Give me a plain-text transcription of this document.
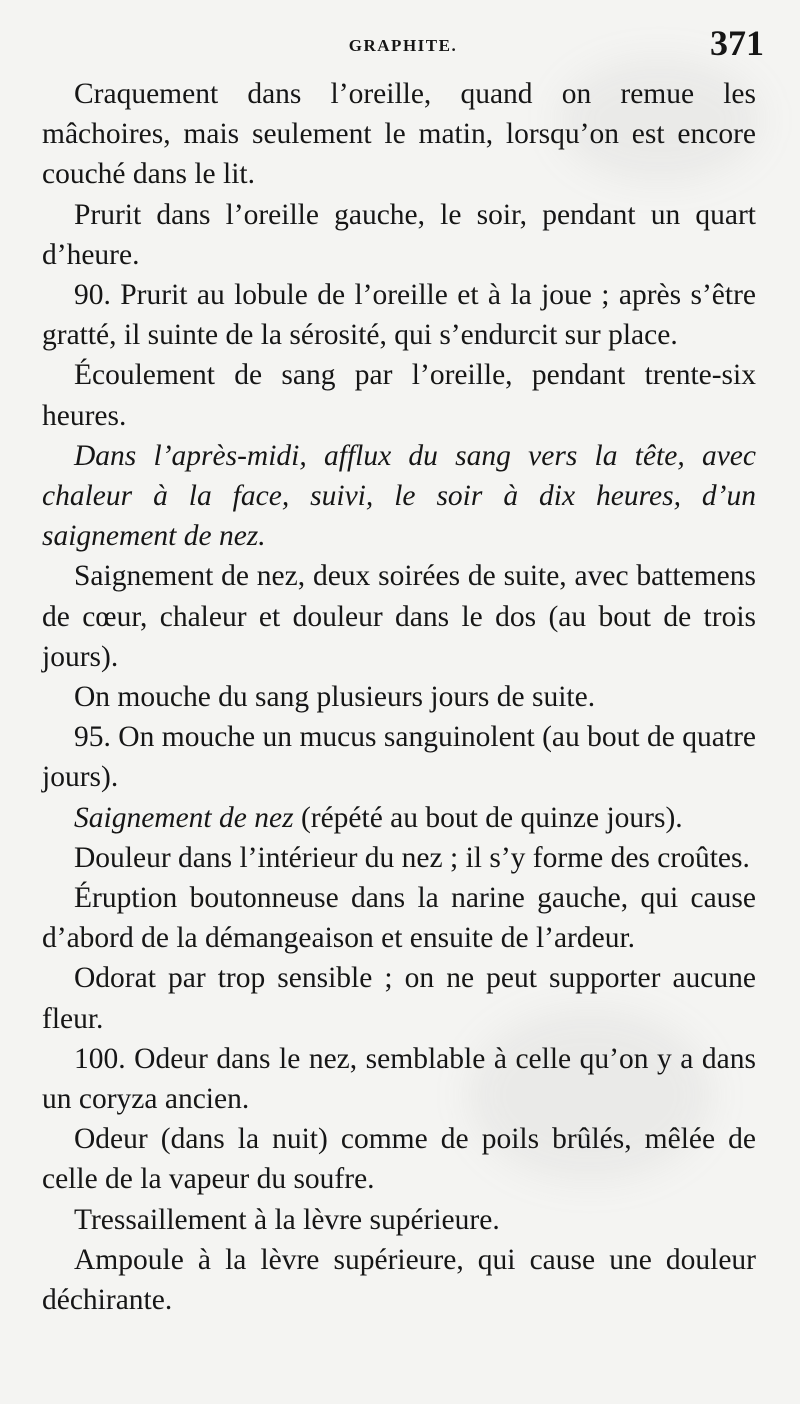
GRAPHITE.	371

Craquement dans l’oreille, quand on remue les mâchoires, mais seulement le matin, lorsqu’on est encore couché dans le lit.

Prurit dans l’oreille gauche, le soir, pendant un quart d’heure.

90. Prurit au lobule de l’oreille et à la joue ; après s’être gratté, il suinte de la sérosité, qui s’endurcit sur place.

Écoulement de sang par l’oreille, pendant trente-six heures.

Dans l’après-midi, afflux du sang vers la tête, avec chaleur à la face, suivi, le soir à dix heures, d’un saignement de nez.

Saignement de nez, deux soirées de suite, avec battemens de cœur, chaleur et douleur dans le dos (au bout de trois jours).

On mouche du sang plusieurs jours de suite.

95. On mouche un mucus sanguinolent (au bout de quatre jours).

Saignement de nez (répété au bout de quinze jours).

Douleur dans l’intérieur du nez ; il s’y forme des croûtes.

Éruption boutonneuse dans la narine gauche, qui cause d’abord de la démangeaison et ensuite de l’ardeur.

Odorat par trop sensible ; on ne peut supporter aucune fleur.

100. Odeur dans le nez, semblable à celle qu’on y a dans un coryza ancien.

Odeur (dans la nuit) comme de poils brûlés, mêlée de celle de la vapeur du soufre.

Tressaillement à la lèvre supérieure.

Ampoule à la lèvre supérieure, qui cause une douleur déchirante.
